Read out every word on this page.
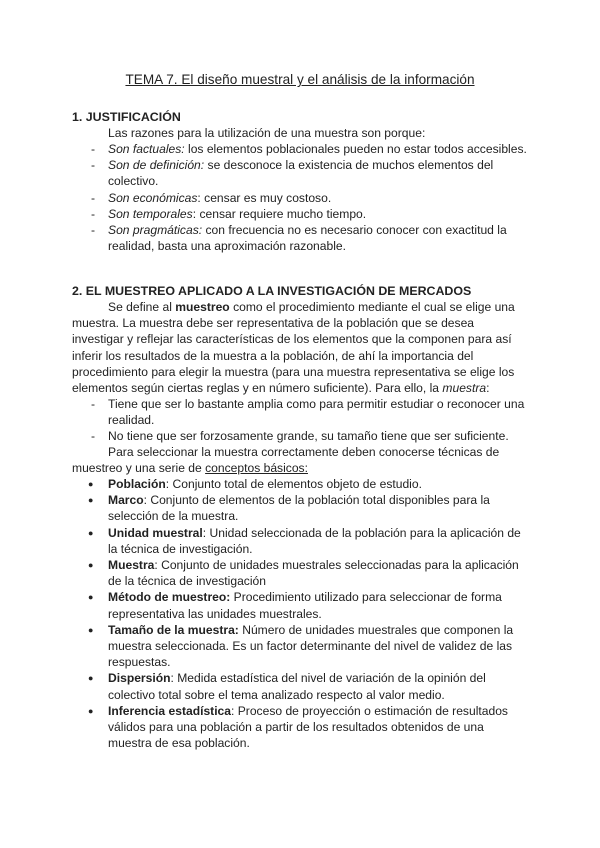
TEMA 7. El diseño muestral y el análisis de la información
1. JUSTIFICACIÓN
Las razones para la utilización de una muestra son porque:
- Son factuales: los elementos poblacionales pueden no estar todos accesibles.
- Son de definición: se desconoce la existencia de muchos elementos del colectivo.
- Son económicas: censar es muy costoso.
- Son temporales: censar requiere mucho tiempo.
- Son pragmáticas: con frecuencia no es necesario conocer con exactitud la realidad, basta una aproximación razonable.
2. EL MUESTREO APLICADO A LA INVESTIGACIÓN DE MERCADOS
Se define al muestreo como el procedimiento mediante el cual se elige una muestra. La muestra debe ser representativa de la población que se desea investigar y reflejar las características de los elementos que la componen para así inferir los resultados de la muestra a la población, de ahí la importancia del procedimiento para elegir la muestra (para una muestra representativa se elige los elementos según ciertas reglas y en número suficiente). Para ello, la muestra:
- Tiene que ser lo bastante amplia como para permitir estudiar o reconocer una realidad.
- No tiene que ser forzosamente grande, su tamaño tiene que ser suficiente.
Para seleccionar la muestra correctamente deben conocerse técnicas de muestreo y una serie de conceptos básicos:
● Población: Conjunto total de elementos objeto de estudio.
● Marco: Conjunto de elementos de la población total disponibles para la selección de la muestra.
● Unidad muestral: Unidad seleccionada de la población para la aplicación de la técnica de investigación.
● Muestra: Conjunto de unidades muestrales seleccionadas para la aplicación de la técnica de investigación
● Método de muestreo: Procedimiento utilizado para seleccionar de forma representativa las unidades muestrales.
● Tamaño de la muestra: Número de unidades muestrales que componen la muestra seleccionada. Es un factor determinante del nivel de validez de las respuestas.
● Dispersión: Medida estadística del nivel de variación de la opinión del colectivo total sobre el tema analizado respecto al valor medio.
● Inferencia estadística: Proceso de proyección o estimación de resultados válidos para una población a partir de los resultados obtenidos de una muestra de esa población.
